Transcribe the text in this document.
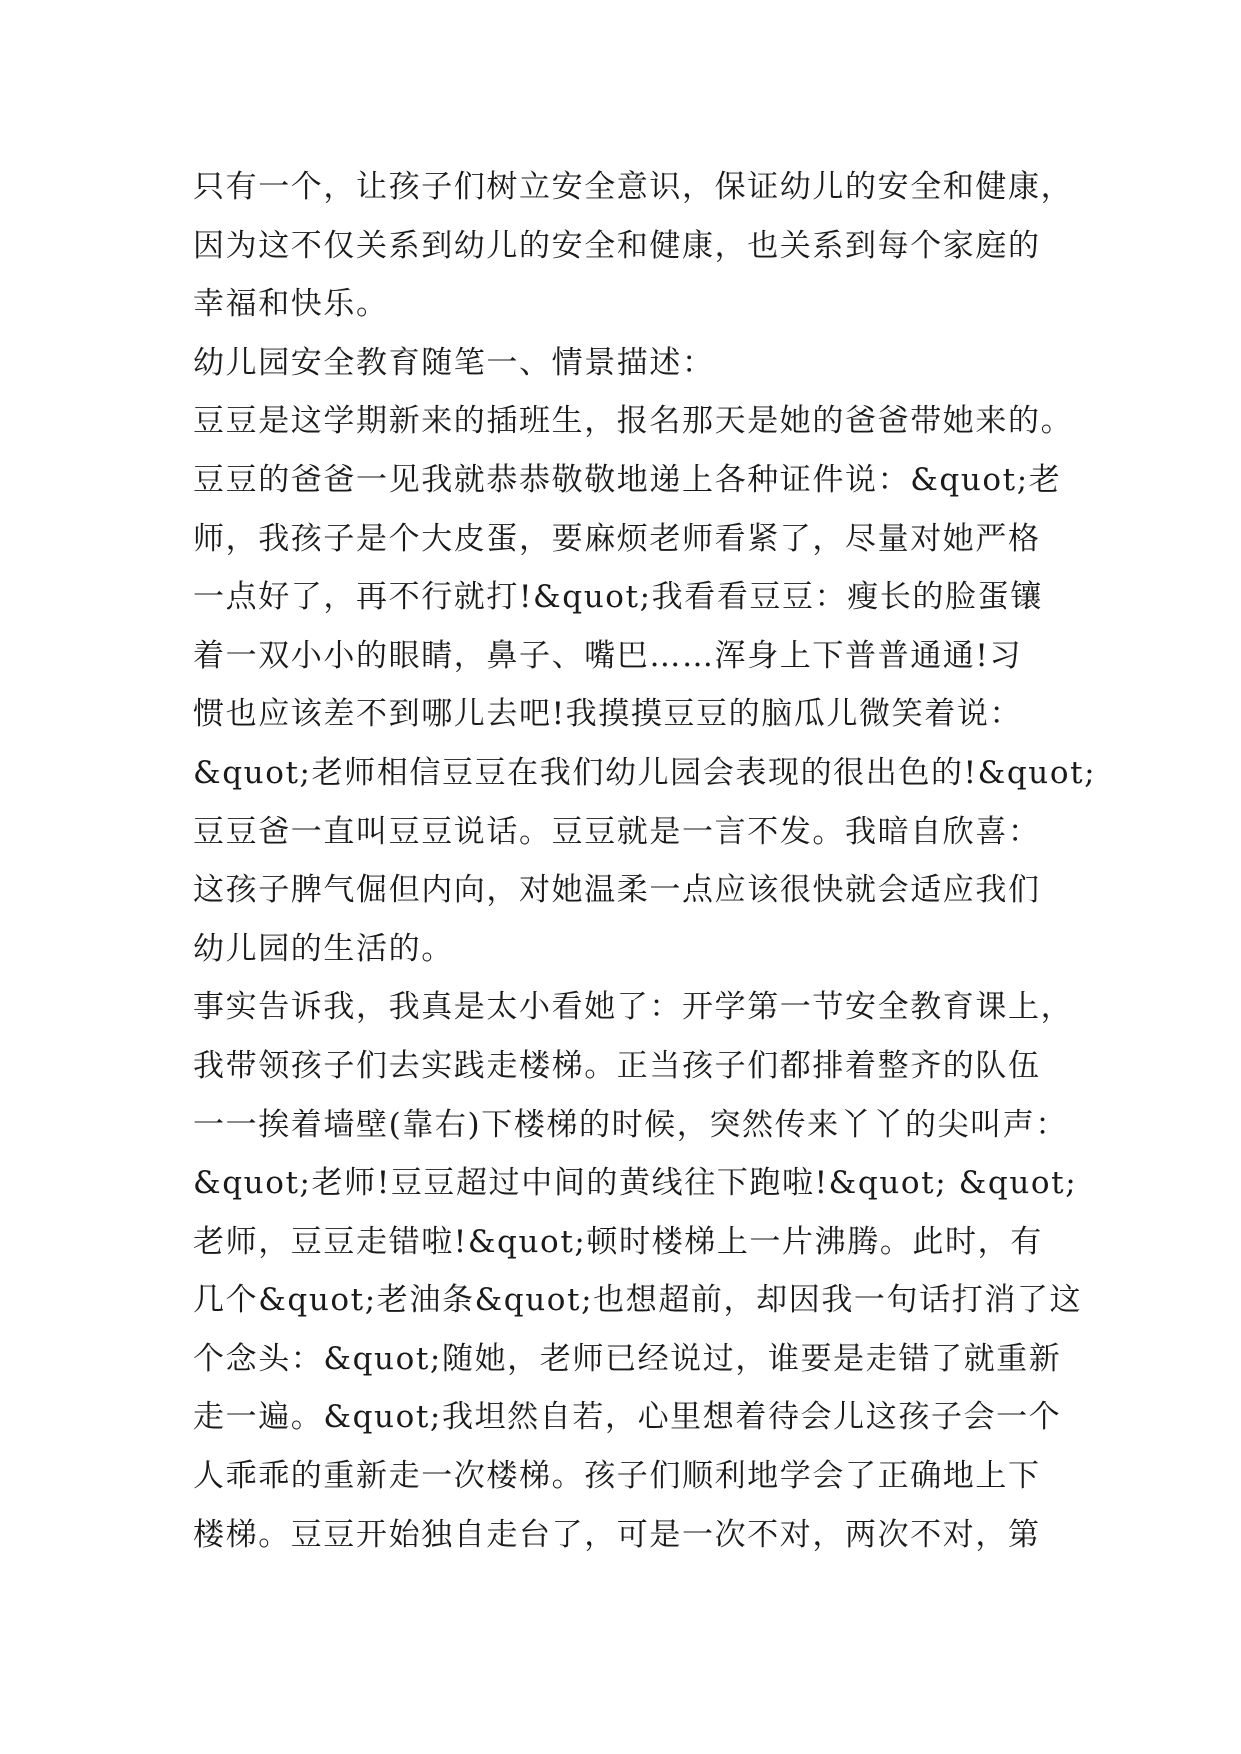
只有一个，让孩子们树立安全意识，保证幼儿的安全和健康，
因为这不仅关系到幼儿的安全和健康，也关系到每个家庭的
幸福和快乐。
幼儿园安全教育随笔一、情景描述：
豆豆是这学期新来的插班生，报名那天是她的爸爸带她来的。
豆豆的爸爸一见我就恭恭敬敬地递上各种证件说：&quot;老
师，我孩子是个大皮蛋，要麻烦老师看紧了，尽量对她严格
一点好了，再不行就打!&quot;我看看豆豆：瘦长的脸蛋镶
着一双小小的眼睛，鼻子、嘴巴……浑身上下普普通通!习
惯也应该差不到哪儿去吧!我摸摸豆豆的脑瓜儿微笑着说：
&quot;老师相信豆豆在我们幼儿园会表现的很出色的!&quot;
豆豆爸一直叫豆豆说话。豆豆就是一言不发。我暗自欣喜：
这孩子脾气倔但内向，对她温柔一点应该很快就会适应我们
幼儿园的生活的。
事实告诉我，我真是太小看她了：开学第一节安全教育课上，
我带领孩子们去实践走楼梯。正当孩子们都排着整齐的队伍
一一挨着墙壁(靠右)下楼梯的时候，突然传来丫丫的尖叫声：
&quot;老师!豆豆超过中间的黄线往下跑啦!&quot; &quot;
老师，豆豆走错啦!&quot;顿时楼梯上一片沸腾。此时，有
几个&quot;老油条&quot;也想超前，却因我一句话打消了这
个念头：&quot;随她，老师已经说过，谁要是走错了就重新
走一遍。&quot;我坦然自若，心里想着待会儿这孩子会一个
人乖乖的重新走一次楼梯。孩子们顺利地学会了正确地上下
楼梯。豆豆开始独自走台了，可是一次不对，两次不对，第
